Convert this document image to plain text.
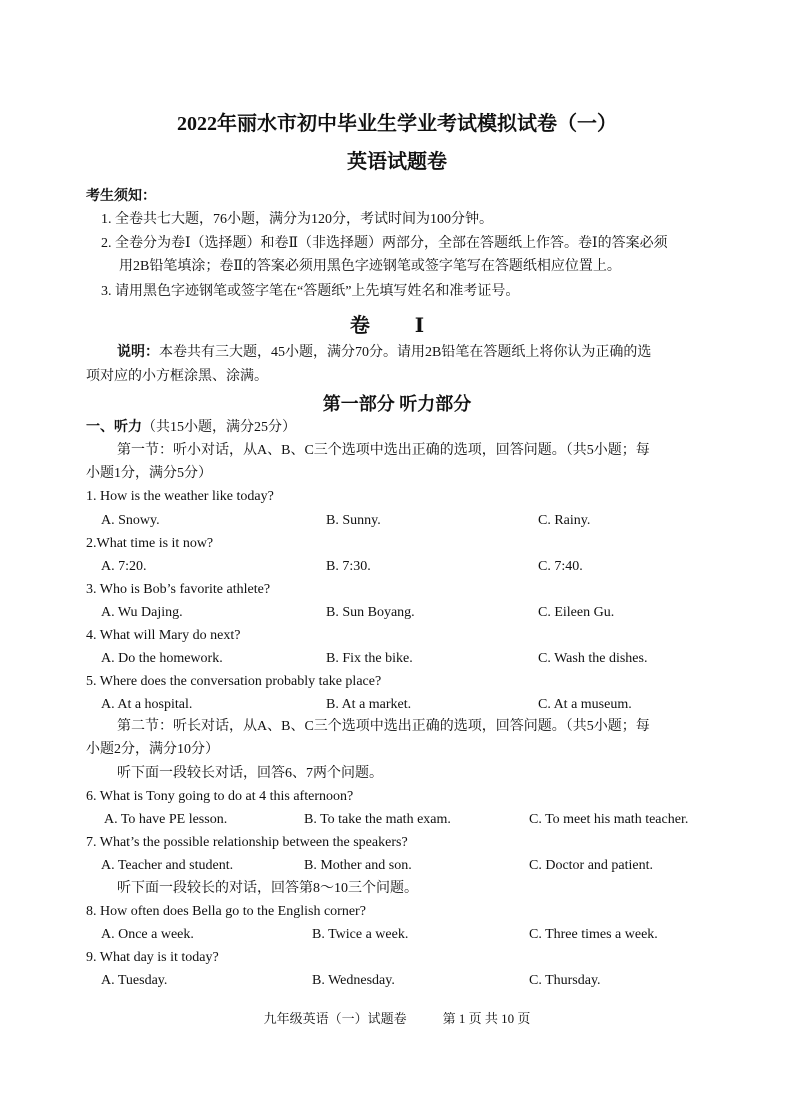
2022年丽水市初中毕业生学业考试模拟试卷（一）
英语试题卷
考生须知：
1. 全卷共七大题，76小题，满分为120分，考试时间为100分钟。
2. 全卷分为卷Ⅰ（选择题）和卷Ⅱ（非选择题）两部分，全部在答题纸上作答。卷Ⅰ的答案必须
用2B铅笔填涂；卷Ⅱ的答案必须用黑色字迹钢笔或签字笔写在答题纸相应位置上。
3. 请用黑色字迹钢笔或签字笔在“答题纸”上先填写姓名和准考证号。
卷 Ⅰ
说明：本卷共有三大题，45小题，满分70分。请用2B铅笔在答题纸上将你认为正确的选
项对应的小方框涂黑、涂满。
第一部分 听力部分
一、听力（共15小题，满分25分）
第一节：听小对话，从A、B、C三个选项中选出正确的选项，回答问题。（共5小题；每
小题1分，满分5分）
1. How is the weather like today?
A. Snowy.	B. Sunny.	C. Rainy.
2.What time is it now?
A. 7:20.	B. 7:30.	C. 7:40.
3. Who is Bob’s favorite athlete?
A. Wu Dajing.	B. Sun Boyang.	C. Eileen Gu.
4. What will Mary do next?
A. Do the homework.	B. Fix the bike.	C. Wash the dishes.
5. Where does the conversation probably take place?
A. At a hospital.	B. At a market.	C. At a museum.
第二节：听长对话，从A、B、C三个选项中选出正确的选项，回答问题。（共5小题；每
小题2分，满分10分）
听下面一段较长对话，回答6、7两个问题。
6. What is Tony going to do at 4 this afternoon?
A. To have PE lesson.	B. To take the math exam.	C. To meet his math teacher.
7. What’s the possible relationship between the speakers?
A. Teacher and student.	B. Mother and son.	C. Doctor and patient.
听下面一段较长的对话，回答第8～10三个问题。
8. How often does Bella go to the English corner?
A. Once a week.	B. Twice a week.	C. Three times a week.
9. What day is it today?
A. Tuesday.	B. Wednesday.	C. Thursday.
九年级英语（一）试题卷	第 1 页 共 10 页
